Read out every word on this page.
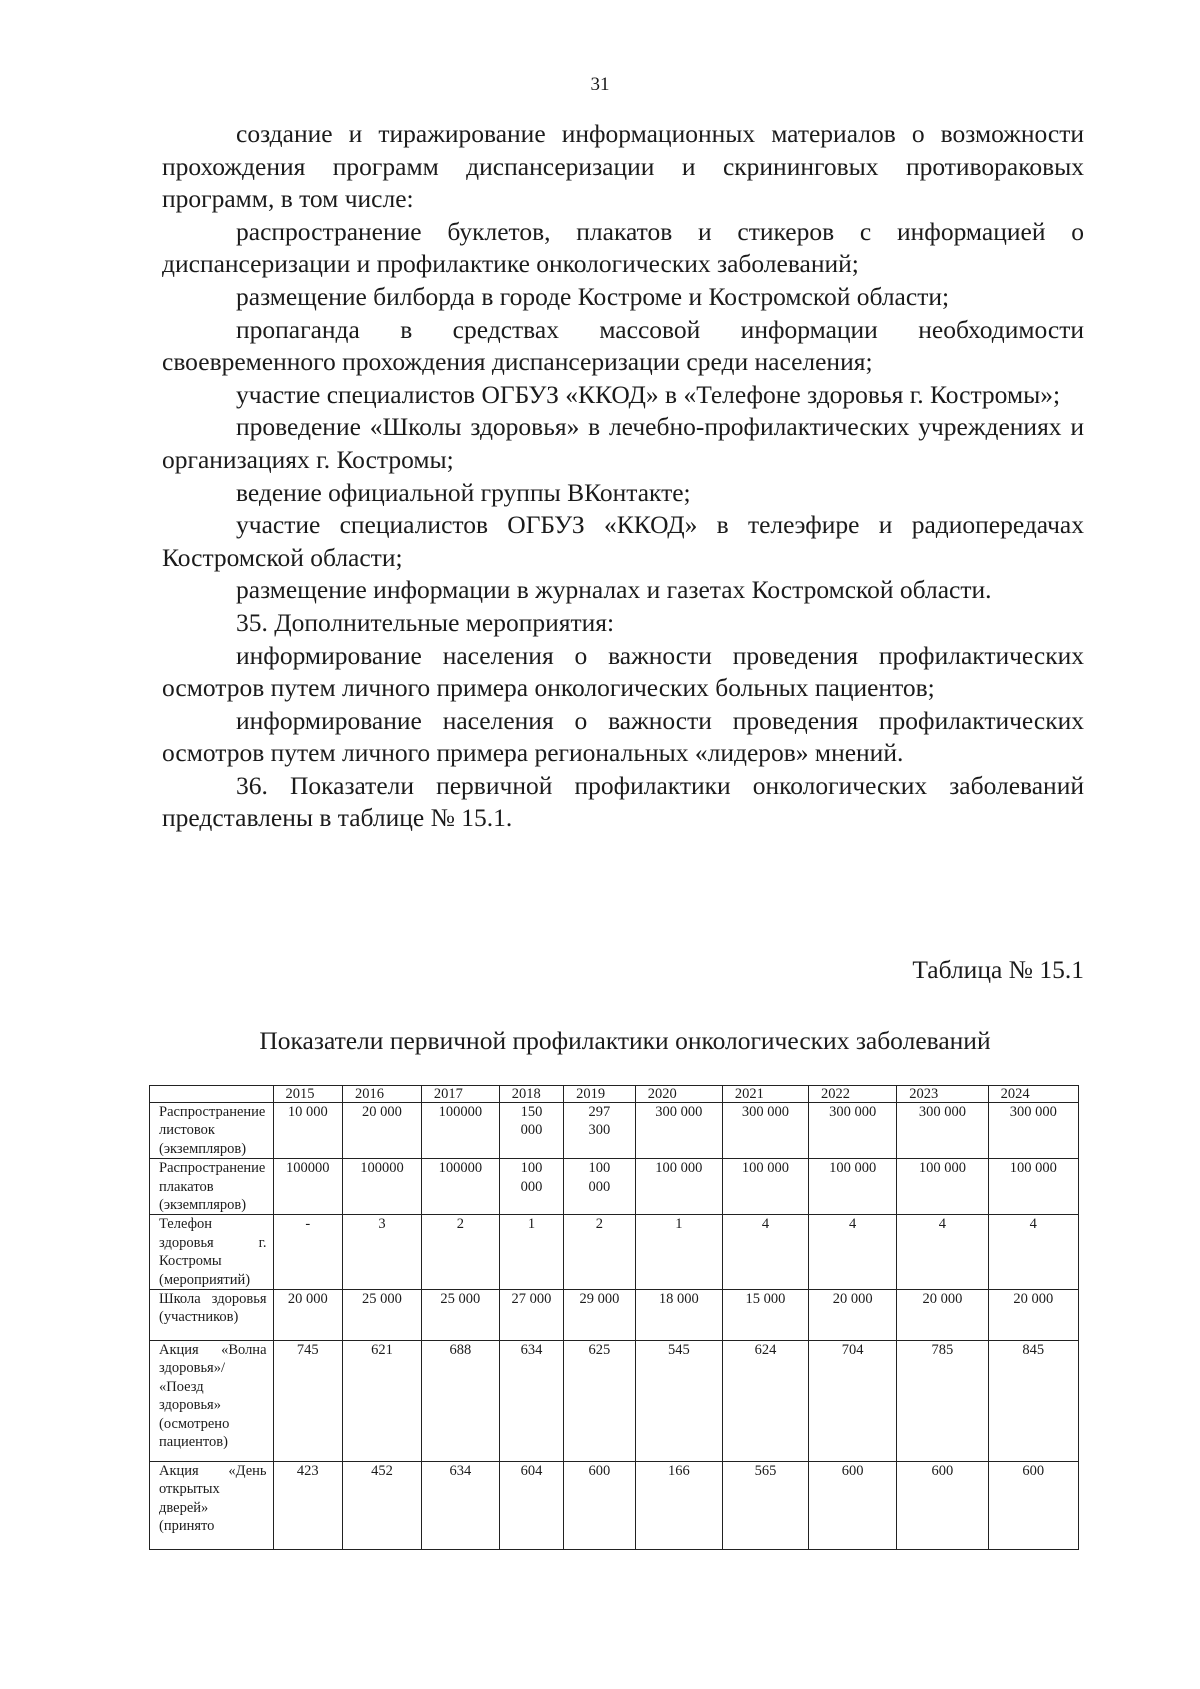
31

создание и тиражирование информационных материалов о возможности прохождения программ диспансеризации и скрининговых противораковых программ, в том числе:

распространение буклетов, плакатов и стикеров с информацией о диспансеризации и профилактике онкологических заболеваний;

размещение билборда в городе Костроме и Костромской области;

пропаганда в средствах массовой информации необходимости своевременного прохождения диспансеризации среди населения;

участие специалистов ОГБУЗ «ККОД» в «Телефоне здоровья г. Костромы»;

проведение «Школы здоровья» в лечебно-профилактических учреждениях и организациях г. Костромы;

ведение официальной группы ВКонтакте;

участие специалистов ОГБУЗ «ККОД» в телеэфире и радиопередачах Костромской области;

размещение информации в журналах и газетах Костромской области.

35. Дополнительные мероприятия:

информирование населения о важности проведения профилактических осмотров путем личного примера онкологических больных пациентов;

информирование населения о важности проведения профилактических осмотров путем личного примера региональных «лидеров» мнений.

36. Показатели первичной профилактики онкологических заболеваний представлены в таблице № 15.1.

Таблица № 15.1
Показатели первичной профилактики онкологических заболеваний
	2015	2016	2017	2018	2019	2020	2021	2022	2023	2024

Распространение листовок (экземпляров)	10 000	20 000	100000	150 000	297 300	300 000	300 000	300 000	300 000	300 000

Распространение плакатов (экземпляров)	100000	100000	100000	100 000	100 000	100 000	100 000	100 000	100 000	100 000

Телефон здоровья г. Костромы (мероприятий)	-	3	2	1	2	1	4	4	4	4

Школа здоровья (участников)	20 000	25 000	25 000	27 000	29 000	18 000	15 000	20 000	20 000	20 000

Акция «Волна здоровья»/ «Поезд здоровья» (осмотрено пациентов)	745	621	688	634	625	545	624	704	785	845

Акция «День открытых дверей» (принято	423	452	634	604	600	166	565	600	600	600
